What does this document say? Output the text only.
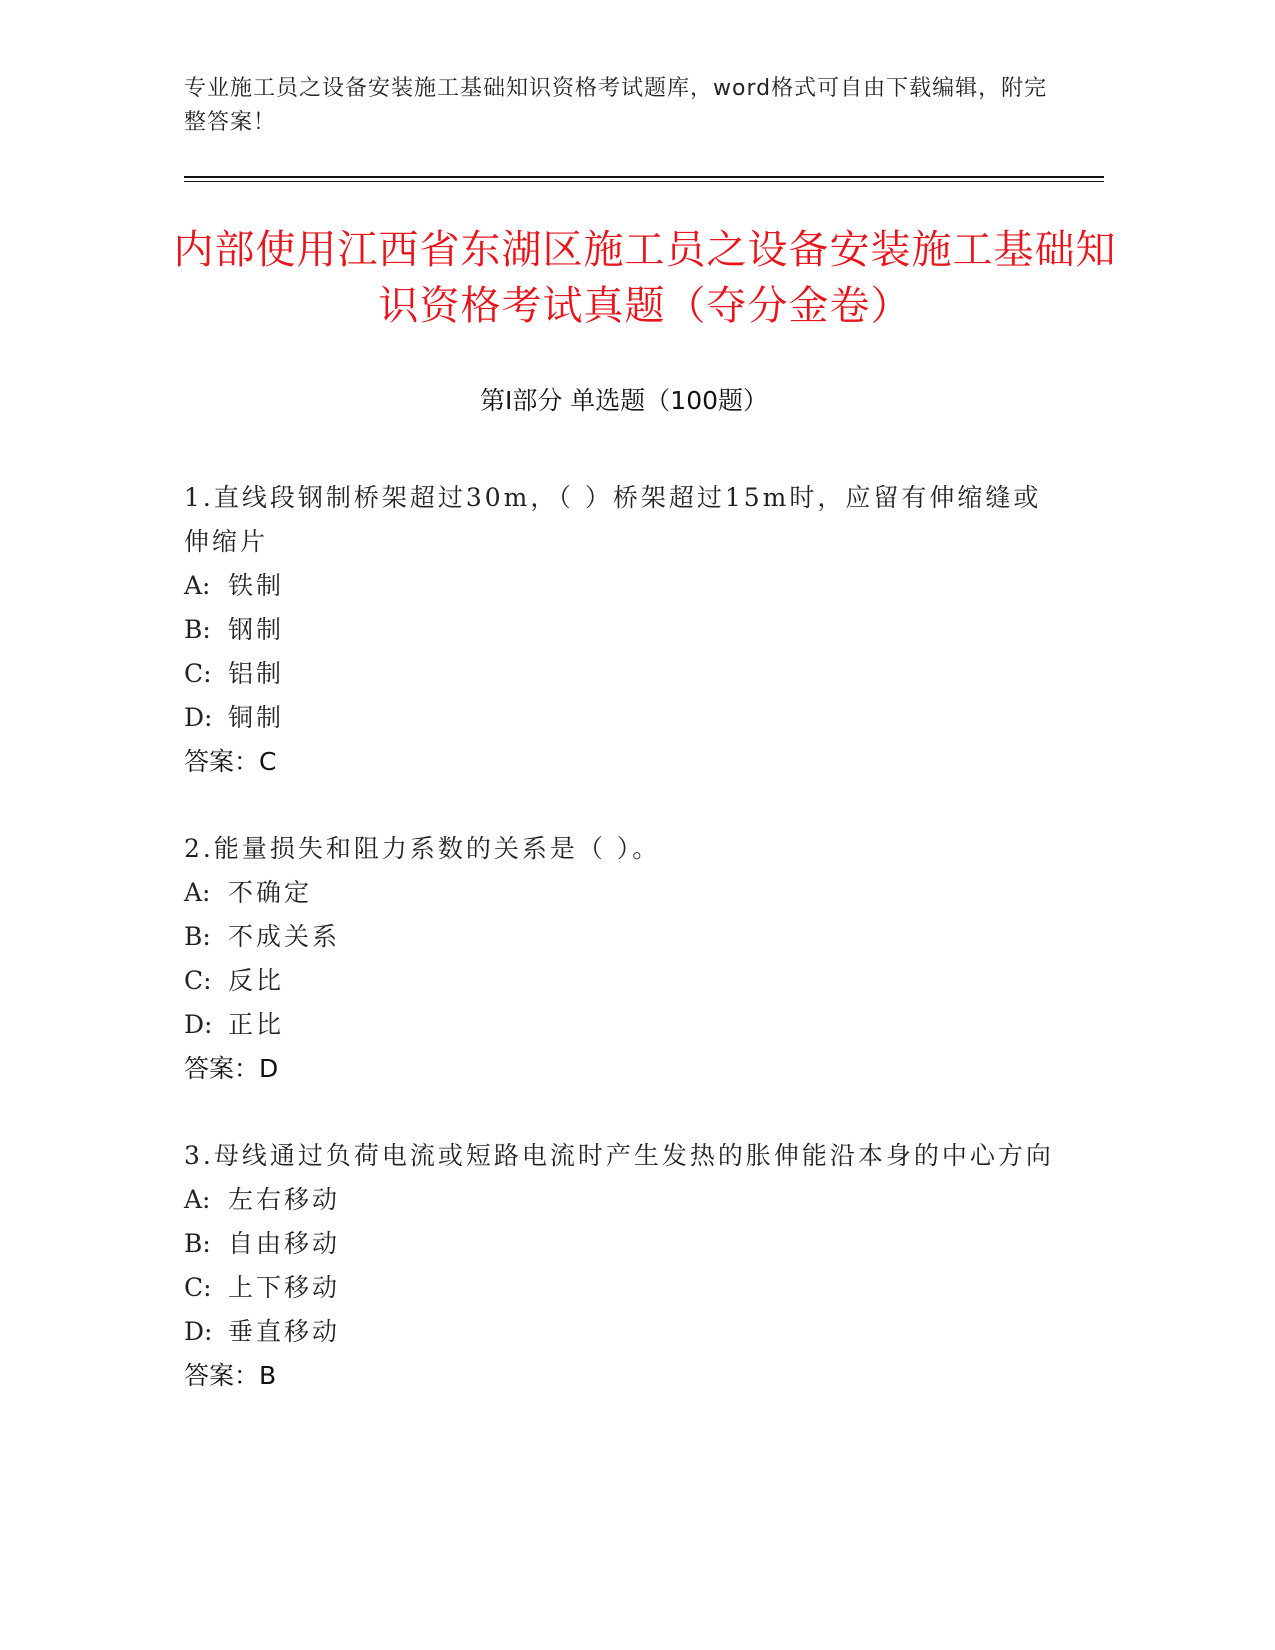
专业施工员之设备安装施工基础知识资格考试题库，word格式可自由下载编辑，附完整答案！
内部使用江西省东湖区施工员之设备安装施工基础知识资格考试真题（夺分金卷）
第Ⅰ部分 单选题（100题）
1.直线段钢制桥架超过30m，（ ）桥架超过15m时，应留有伸缩缝或伸缩片
A: 铁制
B: 钢制
C: 铝制
D: 铜制
答案：C
2.能量损失和阻力系数的关系是（ ）。
A: 不确定
B: 不成关系
C: 反比
D: 正比
答案：D
3.母线通过负荷电流或短路电流时产生发热的胀伸能沿本身的中心方向
A: 左右移动
B: 自由移动
C: 上下移动
D: 垂直移动
答案：B
